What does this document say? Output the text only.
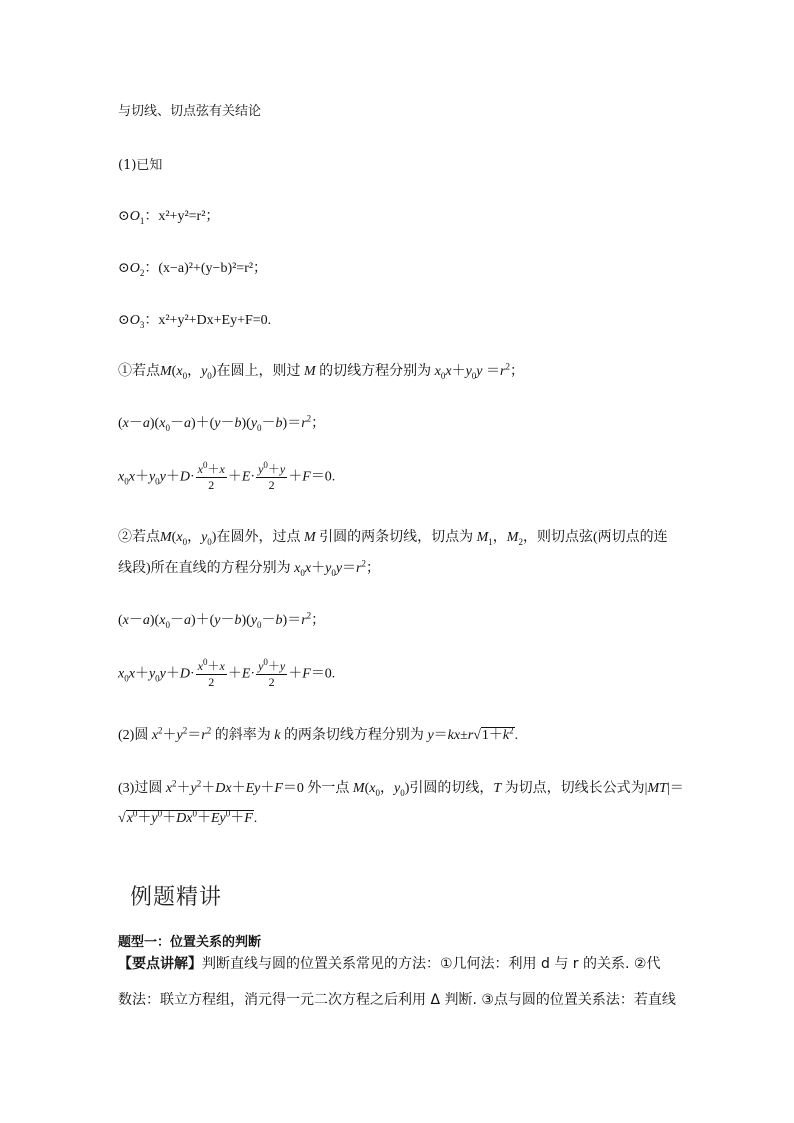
与切线、切点弦有关结论
(1)已知
$⊙O_1$：x²+y²=r²；
$⊙O_2$：(x−a)²+(y−b)²=r²；
$⊙O_3$：x²+y²+Dx+Ey+F=0.
①若点$M(x_0$，$y_0$)在圆上，则过 M 的切线方程分别为 $x_0x+y_0y =r^2$；
$(x-a)(x_0-a)+(y-b)(y_0-b)=r^2$；
$x_0x+y_0y+D\cdot \frac{x^0+x}{2} +E\cdot \frac{y^0+y}{2} +F=0$.
②若点$M(x_0$，$y_0$)在圆外，过点 M 引圆的两条切线，切点为 $M_1$，$M_2$，则切点弦(两切点的连
线段)所在直线的方程分别为 $x_0x+y_0y=r^2$；
$(x-a)(x_0-a)+(y-b)(y_0-b)=r^2$；
$x_0x+y_0y+D\cdot \frac{x^0+x}{2} +E\cdot \frac{y^0+y}{2} +F=0$.
(2)圆 $x^2+y^2=r^2$ 的斜率为 k 的两条切线方程分别为 $y=kx\pm r√1+k^2$.
(3)过圆 $x^2+y^2+Dx+Ey+F=0$ 外一点 $M(x_0$，$y_0$)引圆的切线，T 为切点，切线长公式为|MT|＝
$√x^0+y^0+Dx^0+Ey^0+F$.
例题精讲
题型一：位置关系的判断
【要点讲解】判断直线与圆的位置关系常见的方法：①几何法：利用 d 与 r 的关系. ②代
数法：联立方程组，消元得一元二次方程之后利用 Δ 判断. ③点与圆的位置关系法：若直线
